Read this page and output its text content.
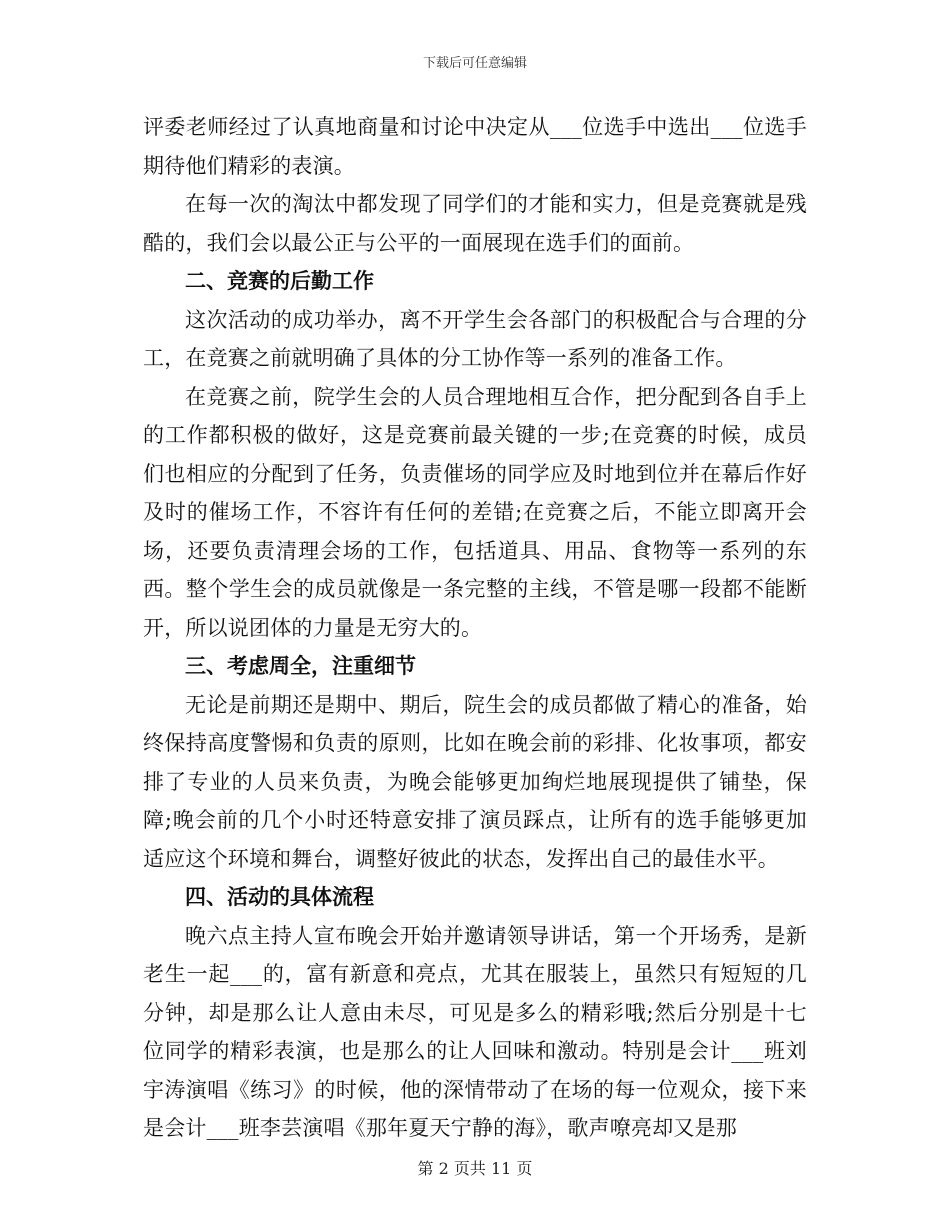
下载后可任意编辑

评委老师经过了认真地商量和讨论中决定从___位选手中选出___位选手期待他们精彩的表演。

在每一次的淘汰中都发现了同学们的才能和实力，但是竞赛就是残酷的，我们会以最公正与公平的一面展现在选手们的面前。

二、竞赛的后勤工作

这次活动的成功举办，离不开学生会各部门的积极配合与合理的分工，在竞赛之前就明确了具体的分工协作等一系列的准备工作。

在竞赛之前，院学生会的人员合理地相互合作，把分配到各自手上的工作都积极的做好，这是竞赛前最关键的一步;在竞赛的时候，成员们也相应的分配到了任务，负责催场的同学应及时地到位并在幕后作好及时的催场工作，不容许有任何的差错;在竞赛之后，不能立即离开会场，还要负责清理会场的工作，包括道具、用品、食物等一系列的东西。整个学生会的成员就像是一条完整的主线，不管是哪一段都不能断开，所以说团体的力量是无穷大的。

三、考虑周全，注重细节

无论是前期还是期中、期后，院生会的成员都做了精心的准备，始终保持高度警惕和负责的原则，比如在晚会前的彩排、化妆事项，都安排了专业的人员来负责，为晚会能够更加绚烂地展现提供了铺垫，保障;晚会前的几个小时还特意安排了演员踩点，让所有的选手能够更加适应这个环境和舞台，调整好彼此的状态，发挥出自己的最佳水平。

四、活动的具体流程

晚六点主持人宣布晚会开始并邀请领导讲话，第一个开场秀，是新老生一起___的，富有新意和亮点，尤其在服装上，虽然只有短短的几分钟，却是那么让人意由未尽，可见是多么的精彩哦;然后分别是十七位同学的精彩表演，也是那么的让人回味和激动。特别是会计___班刘宇涛演唱《练习》的时候，他的深情带动了在场的每一位观众，接下来是会计___班李芸演唱《那年夏天宁静的海》，歌声嘹亮却又是那

第 2 页共 11 页
